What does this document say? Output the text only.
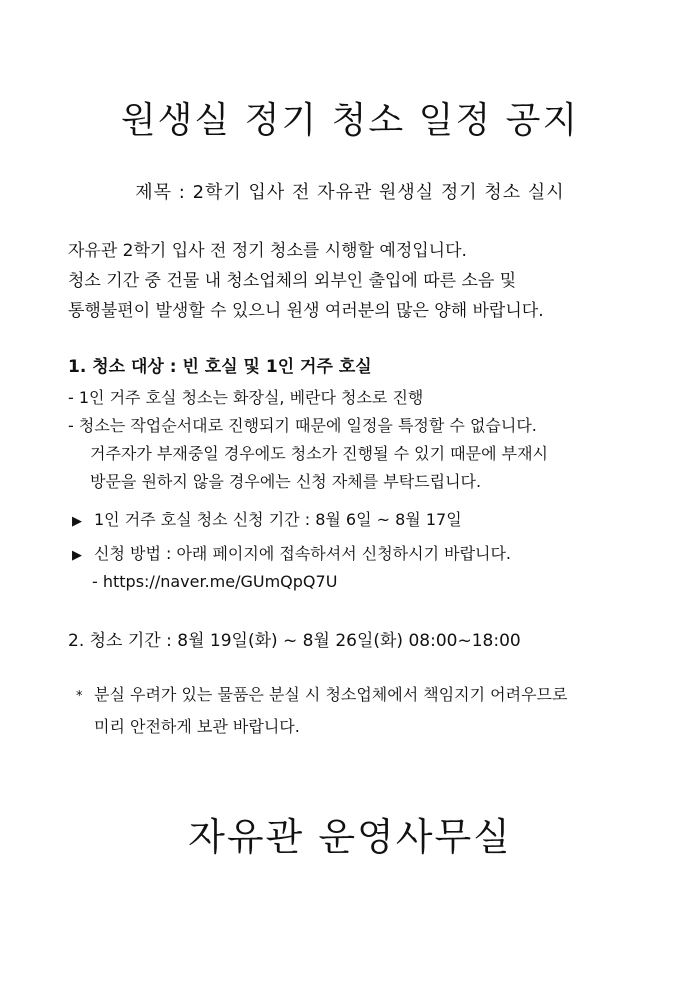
원생실 정기 청소 일정 공지
제목 : 2학기 입사 전 자유관 원생실 정기 청소 실시
자유관 2학기 입사 전 정기 청소를 시행할 예정입니다.
청소 기간 중 건물 내 청소업체의 외부인 출입에 따른 소음 및
통행불편이 발생할 수 있으니 원생 여러분의 많은 양해 바랍니다.
1. 청소 대상 : 빈 호실 및 1인 거주 호실
- 1인 거주 호실 청소는 화장실, 베란다 청소로 진행
- 청소는 작업순서대로 진행되기 때문에 일정을 특정할 수 없습니다.
거주자가 부재중일 경우에도 청소가 진행될 수 있기 때문에 부재시
방문을 원하지 않을 경우에는 신청 자체를 부탁드립니다.
▶ 1인 거주 호실 청소 신청 기간 : 8월 6일 ~ 8월 17일
▶ 신청 방법 : 아래 페이지에 접속하셔서 신청하시기 바랍니다.
- https://naver.me/GUmQpQ7U
2. 청소 기간 : 8월 19일(화) ~ 8월 26일(화) 08:00~18:00
* 분실 우려가 있는 물품은 분실 시 청소업체에서 책임지기 어려우므로
미리 안전하게 보관 바랍니다.
자유관 운영사무실
